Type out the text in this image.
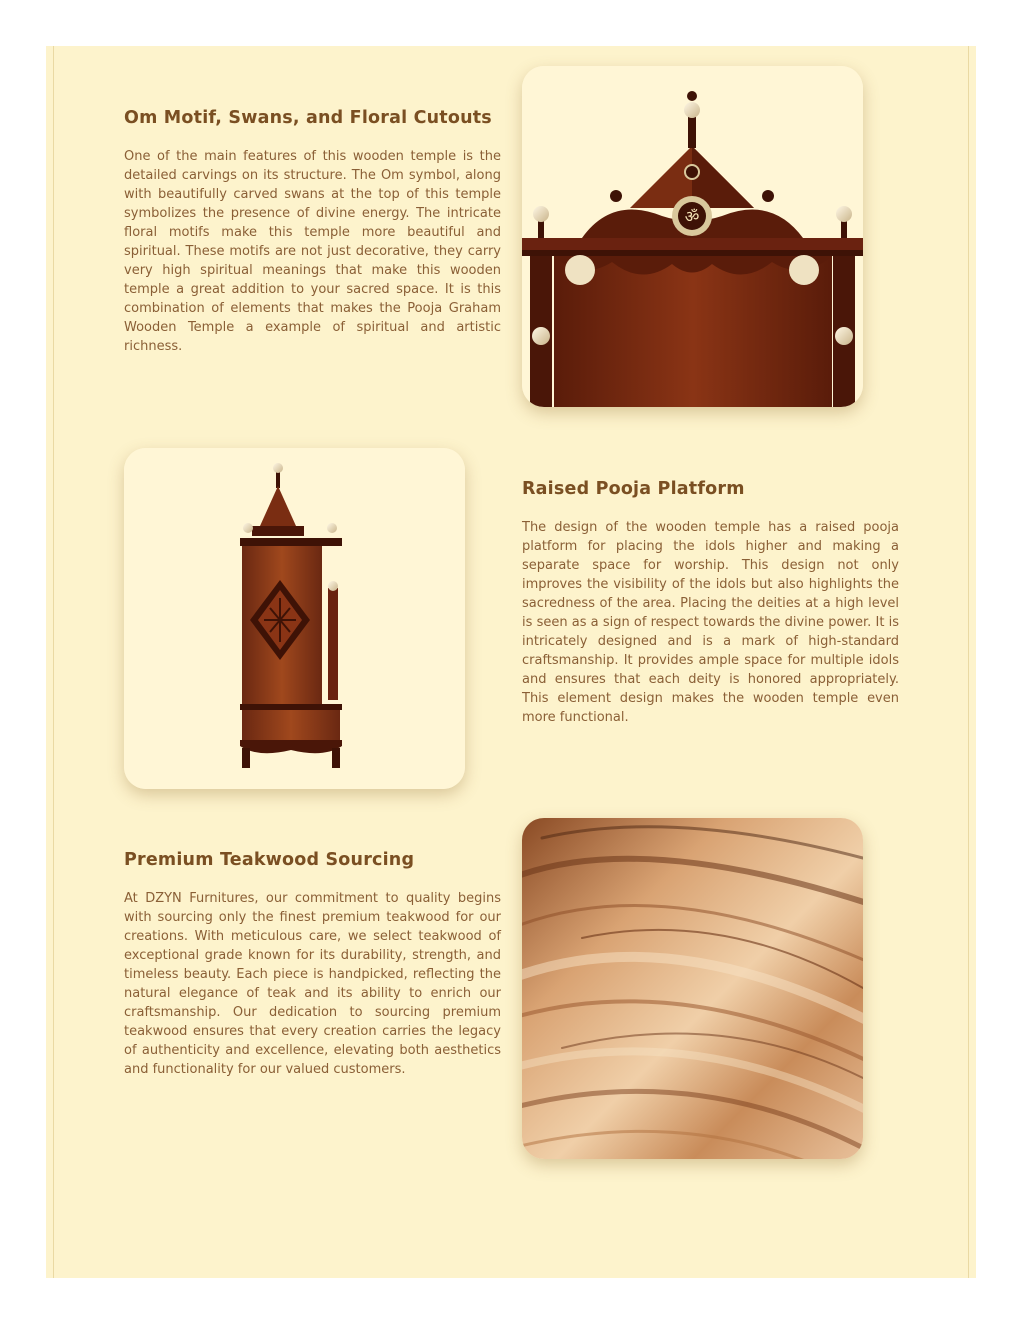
Om Motif, Swans, and Floral Cutouts

One of the main features of this wooden temple is the detailed carvings on its structure. The Om symbol, along with beautifully carved swans at the top of this temple symbolizes the presence of divine energy. The intricate floral motifs make this temple more beautiful and spiritual. These motifs are not just decorative, they carry very high spiritual meanings that make this wooden temple a great addition to your sacred space. It is this combination of elements that makes the Pooja Graham Wooden Temple a example of spiritual and artistic richness.

ॐ
Raised Pooja Platform

The design of the wooden temple has a raised pooja platform for placing the idols higher and making a separate space for worship. This design not only improves the visibility of the idols but also highlights the sacredness of the area. Placing the deities at a high level is seen as a sign of respect towards the divine power. It is intricately designed and is a mark of high-standard craftsmanship. It provides ample space for multiple idols and ensures that each deity is honored appropriately. This element design makes the wooden temple even more functional.

Premium Teakwood Sourcing

At DZYN Furnitures, our commitment to quality begins with sourcing only the finest premium teakwood for our creations. With meticulous care, we select teakwood of exceptional grade known for its durability, strength, and timeless beauty. Each piece is handpicked, reflecting the natural elegance of teak and its ability to enrich our craftsmanship. Our dedication to sourcing premium teakwood ensures that every creation carries the legacy of authenticity and excellence, elevating both aesthetics and functionality for our valued customers.
